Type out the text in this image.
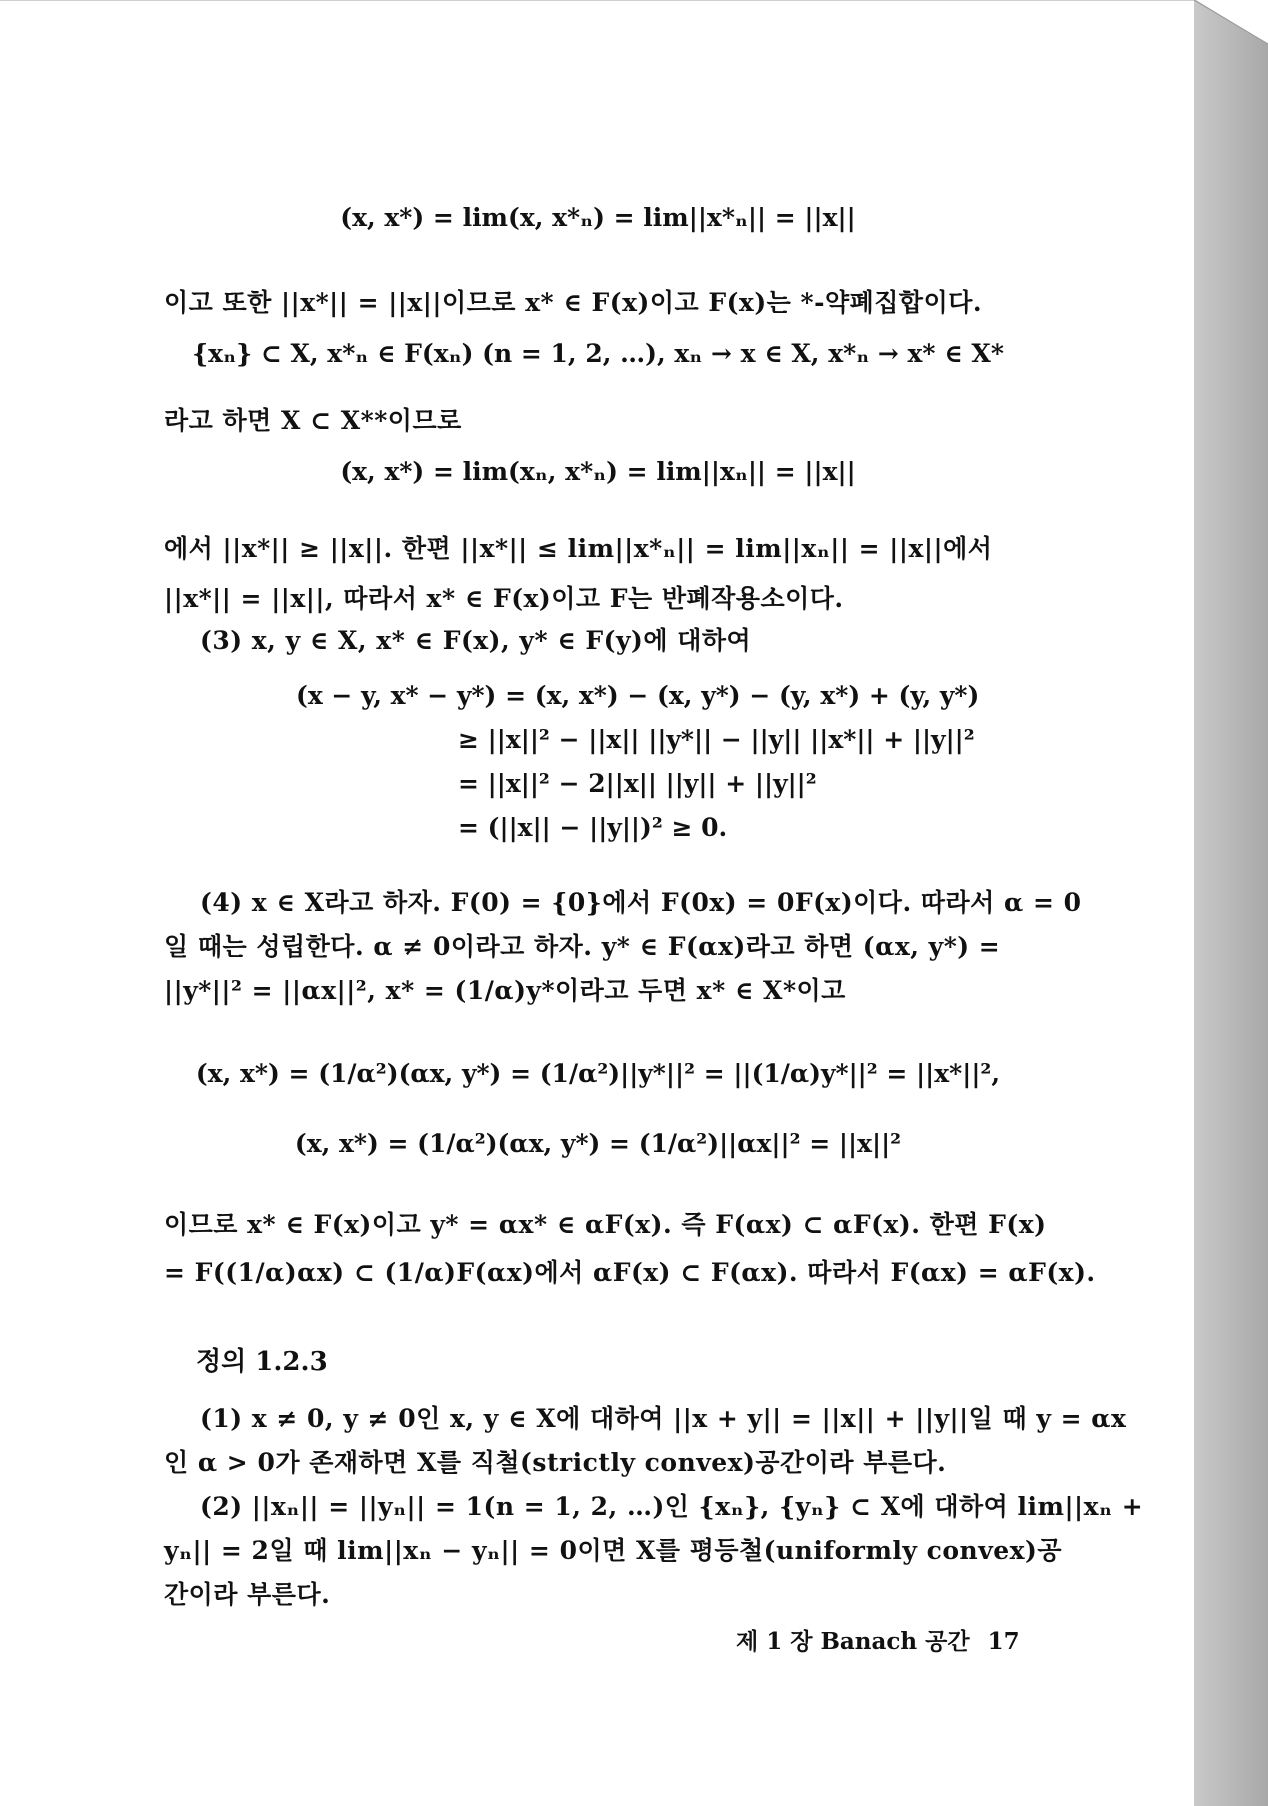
(x, x*) = lim(x, x*ₙ) = lim||x*ₙ|| = ||x||
이고 또한 ||x*|| = ||x||이므로 x* ∈ F(x)이고 F(x)는 *-약폐집합이다.
{xₙ} ⊂ X, x*ₙ ∈ F(xₙ) (n = 1, 2, …), xₙ → x ∈ X, x*ₙ → x* ∈ X*
라고 하면 X ⊂ X**이므로
(x, x*) = lim(xₙ, x*ₙ) = lim||xₙ|| = ||x||
에서 ||x*|| ≥ ||x||. 한편 ||x*|| ≤ lim||x*ₙ|| = lim||xₙ|| = ||x||에서
||x*|| = ||x||, 따라서 x* ∈ F(x)이고 F는 반폐작용소이다.
(3) x, y ∈ X, x* ∈ F(x), y* ∈ F(y)에 대하여
(x − y, x* − y*) = (x, x*) − (x, y*) − (y, x*) + (y, y*)
≥ ||x||² − ||x|| ||y*|| − ||y|| ||x*|| + ||y||²
= ||x||² − 2||x|| ||y|| + ||y||²
= (||x|| − ||y||)² ≥ 0.
(4) x ∈ X라고 하자. F(0) = {0}에서 F(0x) = 0F(x)이다. 따라서 α = 0
일 때는 성립한다. α ≠ 0이라고 하자. y* ∈ F(αx)라고 하면 (αx, y*) =
||y*||² = ||αx||², x* = (1/α)y*이라고 두면 x* ∈ X*이고
(x, x*) = (1/α²)(αx, y*) = (1/α²)||y*||² = ||(1/α)y*||² = ||x*||²,
(x, x*) = (1/α²)(αx, y*) = (1/α²)||αx||² = ||x||²
이므로 x* ∈ F(x)이고 y* = αx* ∈ αF(x). 즉 F(αx) ⊂ αF(x). 한편 F(x)
= F((1/α)αx) ⊂ (1/α)F(αx)에서 αF(x) ⊂ F(αx). 따라서 F(αx) = αF(x).
정의 1.2.3
(1) x ≠ 0, y ≠ 0인 x, y ∈ X에 대하여 ||x + y|| = ||x|| + ||y||일 때 y = αx
인 α > 0가 존재하면 X를 직철(strictly convex)공간이라 부른다.
(2) ||xₙ|| = ||yₙ|| = 1(n = 1, 2, …)인 {xₙ}, {yₙ} ⊂ X에 대하여 lim||xₙ +
yₙ|| = 2일 때 lim||xₙ − yₙ|| = 0이면 X를 평등철(uniformly convex)공
간이라 부른다.
제 1 장 Banach 공간 17
